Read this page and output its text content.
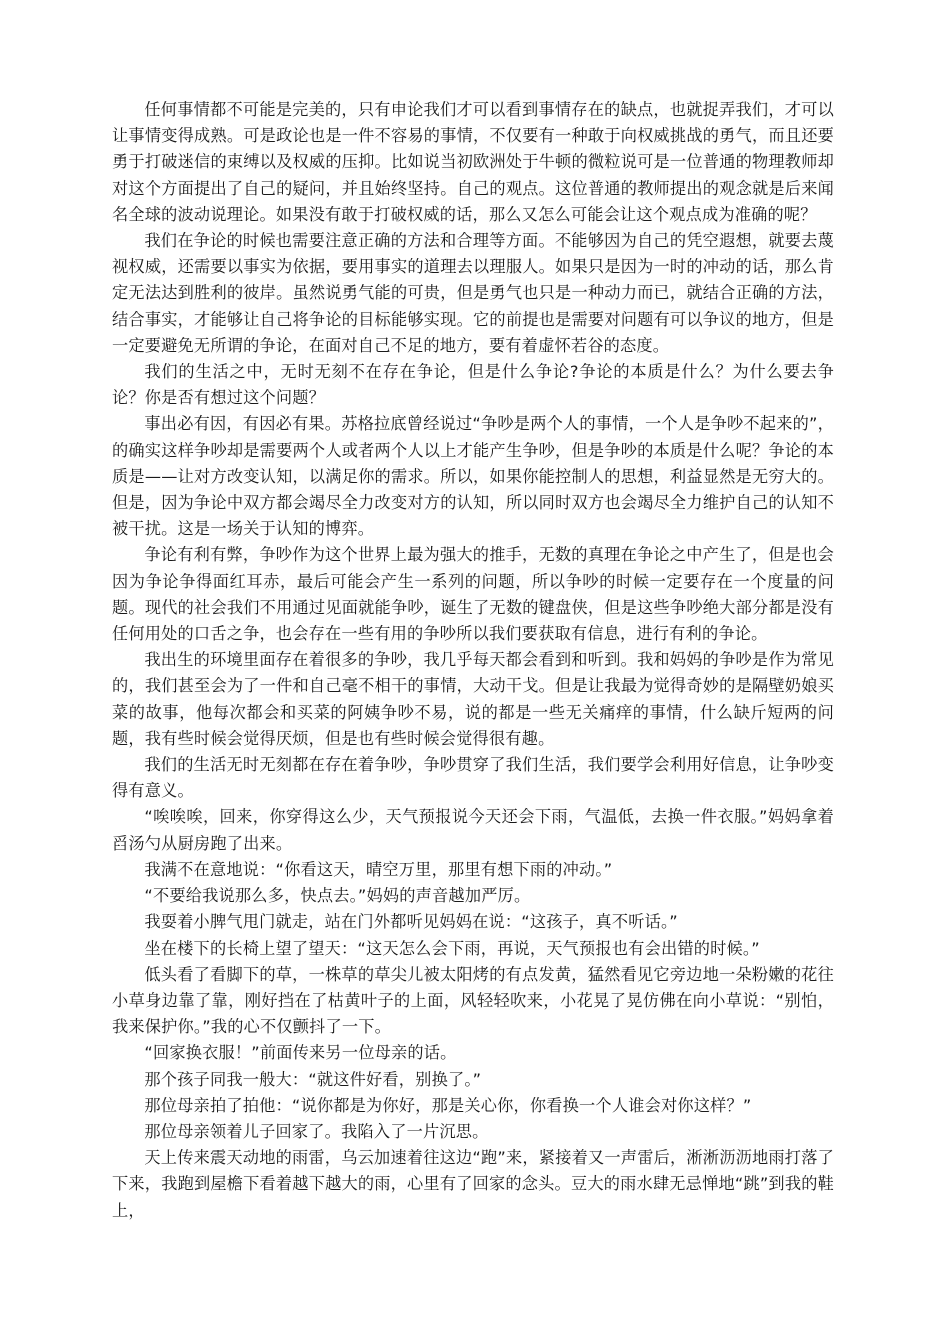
任何事情都不可能是完美的，只有申论我们才可以看到事情存在的缺点，也就捉弄我们，才可以让事情变得成熟。可是政论也是一件不容易的事情，不仅要有一种敢于向权威挑战的勇气，而且还要勇于打破迷信的束缚以及权威的压抑。比如说当初欧洲处于牛顿的微粒说可是一位普通的物理教师却对这个方面提出了自己的疑问，并且始终坚持。自己的观点。这位普通的教师提出的观念就是后来闻名全球的波动说理论。如果没有敢于打破权威的话，那么又怎么可能会让这个观点成为准确的呢？

我们在争论的时候也需要注意正确的方法和合理等方面。不能够因为自己的凭空遐想，就要去蔑视权威，还需要以事实为依据，要用事实的道理去以理服人。如果只是因为一时的冲动的话，那么肯定无法达到胜利的彼岸。虽然说勇气能的可贵，但是勇气也只是一种动力而已，就结合正确的方法，结合事实，才能够让自己将争论的目标能够实现。它的前提也是需要对问题有可以争议的地方，但是一定要避免无所谓的争论，在面对自己不足的地方，要有着虚怀若谷的态度。

我们的生活之中，无时无刻不在存在争论，但是什么争论?争论的本质是什么？为什么要去争论？你是否有想过这个问题？

事出必有因，有因必有果。苏格拉底曾经说过“争吵是两个人的事情，一个人是争吵不起来的”，的确实这样争吵却是需要两个人或者两个人以上才能产生争吵，但是争吵的本质是什么呢？争论的本质是——让对方改变认知，以满足你的需求。所以，如果你能控制人的思想，利益显然是无穷大的。但是，因为争论中双方都会竭尽全力改变对方的认知，所以同时双方也会竭尽全力维护自己的认知不被干扰。这是一场关于认知的博弈。

争论有利有弊，争吵作为这个世界上最为强大的推手，无数的真理在争论之中产生了，但是也会因为争论争得面红耳赤，最后可能会产生一系列的问题，所以争吵的时候一定要存在一个度量的问题。现代的社会我们不用通过见面就能争吵，诞生了无数的键盘侠，但是这些争吵绝大部分都是没有任何用处的口舌之争，也会存在一些有用的争吵所以我们要获取有信息，进行有利的争论。

我出生的环境里面存在着很多的争吵，我几乎每天都会看到和听到。我和妈妈的争吵是作为常见的，我们甚至会为了一件和自己毫不相干的事情，大动干戈。但是让我最为觉得奇妙的是隔壁奶娘买菜的故事，他每次都会和买菜的阿姨争吵不易，说的都是一些无关痛痒的事情，什么缺斤短两的问题，我有些时候会觉得厌烦，但是也有些时候会觉得很有趣。

我们的生活无时无刻都在存在着争吵，争吵贯穿了我们生活，我们要学会利用好信息，让争吵变得有意义。

“唉唉唉，回来，你穿得这么少，天气预报说今天还会下雨，气温低，去换一件衣服。”妈妈拿着舀汤勺从厨房跑了出来。

我满不在意地说：“你看这天，晴空万里，那里有想下雨的冲动。”

“不要给我说那么多，快点去。”妈妈的声音越加严厉。

我耍着小脾气甩门就走，站在门外都听见妈妈在说：“这孩子，真不听话。”

坐在楼下的长椅上望了望天：“这天怎么会下雨，再说，天气预报也有会出错的时候。”

低头看了看脚下的草，一株草的草尖儿被太阳烤的有点发黄，猛然看见它旁边地一朵粉嫩的花往小草身边靠了靠，刚好挡在了枯黄叶子的上面，风轻轻吹来，小花晃了晃仿佛在向小草说：“别怕，我来保护你。”我的心不仅颤抖了一下。

“回家换衣服！”前面传来另一位母亲的话。

那个孩子同我一般大：“就这件好看，别换了。”

那位母亲拍了拍他：“说你都是为你好，那是关心你，你看换一个人谁会对你这样？”

那位母亲领着儿子回家了。我陷入了一片沉思。

天上传来震天动地的雨雷，乌云加速着往这边“跑”来，紧接着又一声雷后，淅淅沥沥地雨打落了下来，我跑到屋檐下看着越下越大的雨，心里有了回家的念头。豆大的雨水肆无忌惮地“跳”到我的鞋上，
